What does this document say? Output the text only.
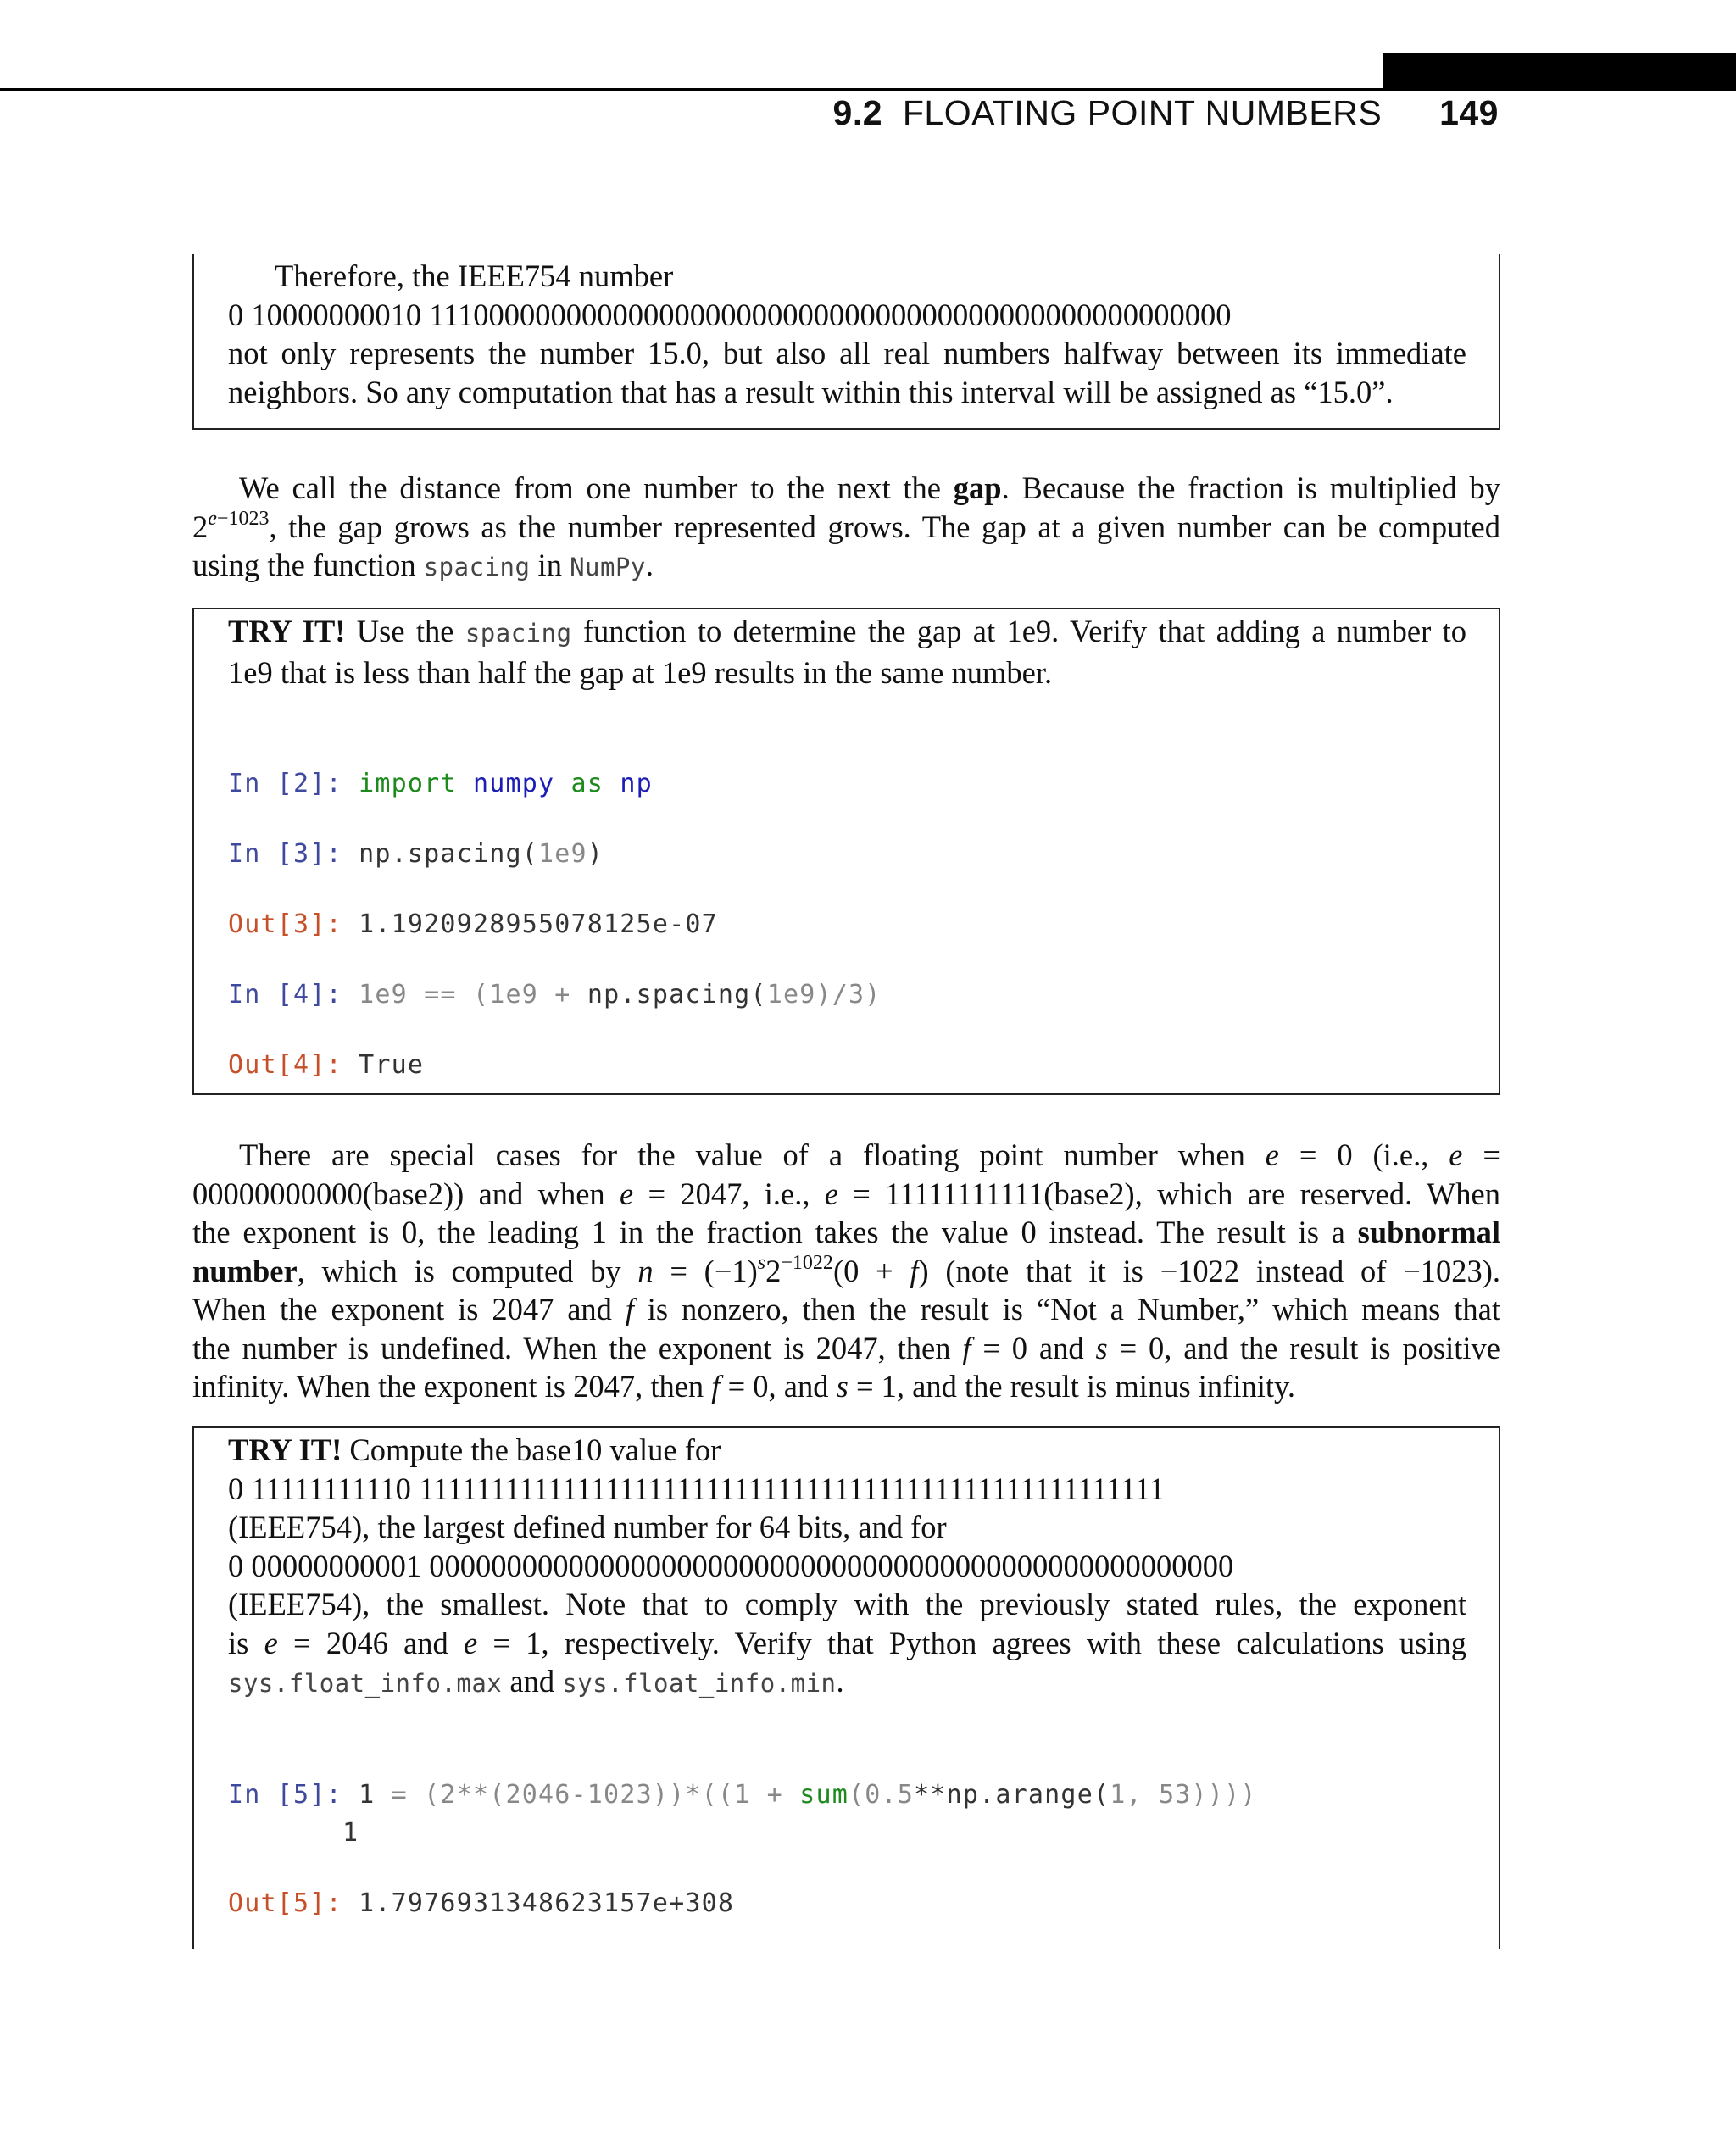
9.2 FLOATING POINT NUMBERS 149
Therefore, the IEEE754 number
0 10000000010 1110000000000000000000000000000000000000000000000000
not only represents the number 15.0, but also all real numbers halfway between its immediate
neighbors. So any computation that has a result within this interval will be assigned as “15.0”.
We call the distance from one number to the next the gap. Because the fraction is multiplied by
$2^{e-1023}$, the gap grows as the number represented grows. The gap at a given number can be computed
using the function spacing in NumPy.
TRY IT! Use the spacing function to determine the gap at 1e9. Verify that adding a number to
1e9 that is less than half the gap at 1e9 results in the same number.
In [2]: import numpy as np
In [3]: np.spacing(1e9)
Out[3]: 1.1920928955078125e-07
In [4]: 1e9 == (1e9 + np.spacing(1e9)/3)
Out[4]: True
There are special cases for the value of a floating point number when e = 0 (i.e., e =
00000000000(base2)) and when e = 2047, i.e., e = 11111111111(base2), which are reserved. When
the exponent is 0, the leading 1 in the fraction takes the value 0 instead. The result is a subnormal
number, which is computed by $n = (-1)^s2^{-1022}(0 + f)$ (note that it is −1022 instead of −1023).
When the exponent is 2047 and f is nonzero, then the result is “Not a Number,” which means that
the number is undefined. When the exponent is 2047, then f = 0 and s = 0, and the result is positive
infinity. When the exponent is 2047, then f = 0, and s = 1, and the result is minus infinity.
TRY IT! Compute the base10 value for
0 11111111110 1111111111111111111111111111111111111111111111111111
(IEEE754), the largest defined number for 64 bits, and for
0 00000000001 0000000000000000000000000000000000000000000000000000
(IEEE754), the smallest. Note that to comply with the previously stated rules, the exponent
is e = 2046 and e = 1, respectively. Verify that Python agrees with these calculations using
sys.float_info.max and sys.float_info.min.
In [5]: 1 = (2**(2046-1023))*((1 + sum(0.5**np.arange(1, 53))))
1
Out[5]: 1.7976931348623157e+308
